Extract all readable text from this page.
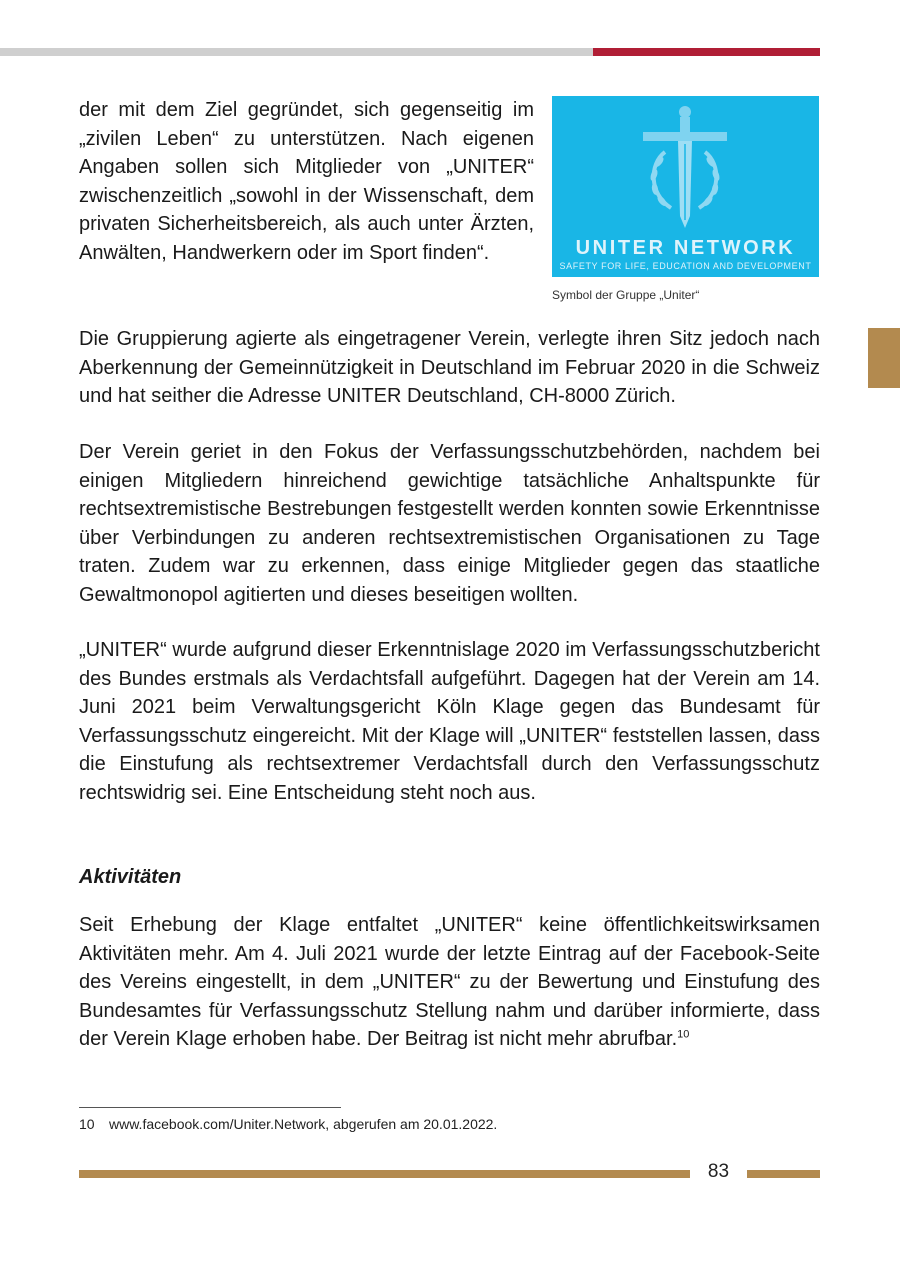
der mit dem Ziel gegründet, sich gegenseitig im „zivilen Leben“ zu unterstützen. Nach eigenen Angaben sollen sich Mitglieder von „UNITER“ zwischenzeitlich „sowohl in der Wissenschaft, dem privaten Sicherheitsbereich, als auch unter Ärzten, Anwälten, Handwerkern oder im Sport finden“.	UNITER NETWORK
SAFETY FOR LIFE, EDUCATION AND DEVELOPMENT
Symbol der Gruppe „Uniter“

Die Gruppierung agierte als eingetragener Verein, verlegte ihren Sitz jedoch nach Aberkennung der Gemeinnützigkeit in Deutschland im Februar 2020 in die Schweiz und hat seither die Adresse UNITER Deutschland, CH-8000 Zürich.

Der Verein geriet in den Fokus der Verfassungsschutzbehörden, nachdem bei einigen Mitgliedern hinreichend gewichtige tatsächliche Anhaltspunkte für rechtsextremistische Bestrebungen festgestellt werden konnten sowie Erkenntnisse über Verbindungen zu anderen rechtsextremistischen Organisationen zu Tage traten. Zudem war zu erkennen, dass einige Mitglieder gegen das staatliche Gewaltmonopol agitierten und dieses beseitigen wollten.

„UNITER“ wurde aufgrund dieser Erkenntnislage 2020 im Verfassungsschutzbericht des Bundes erstmals als Verdachtsfall aufgeführt. Dagegen hat der Verein am 14. Juni 2021 beim Verwaltungsgericht Köln Klage gegen das Bundesamt für Verfassungsschutz eingereicht. Mit der Klage will „UNITER“ feststellen lassen, dass die Einstufung als rechtsextremer Verdachtsfall durch den Verfassungsschutz rechtswidrig sei. Eine Entscheidung steht noch aus.

Aktivitäten

Seit Erhebung der Klage entfaltet „UNITER“ keine öffentlichkeitswirksamen Aktivitäten mehr. Am 4. Juli 2021 wurde der letzte Eintrag auf der Facebook-Seite des Vereins eingestellt, in dem „UNITER“ zu der Bewertung und Einstufung des Bundesamtes für Verfassungsschutz Stellung nahm und darüber informierte, dass der Verein Klage erhoben habe. Der Beitrag ist nicht mehr abrufbar.$^{10}$

10 www.facebook.com/Uniter.Network, abgerufen am 20.01.2022.
83
